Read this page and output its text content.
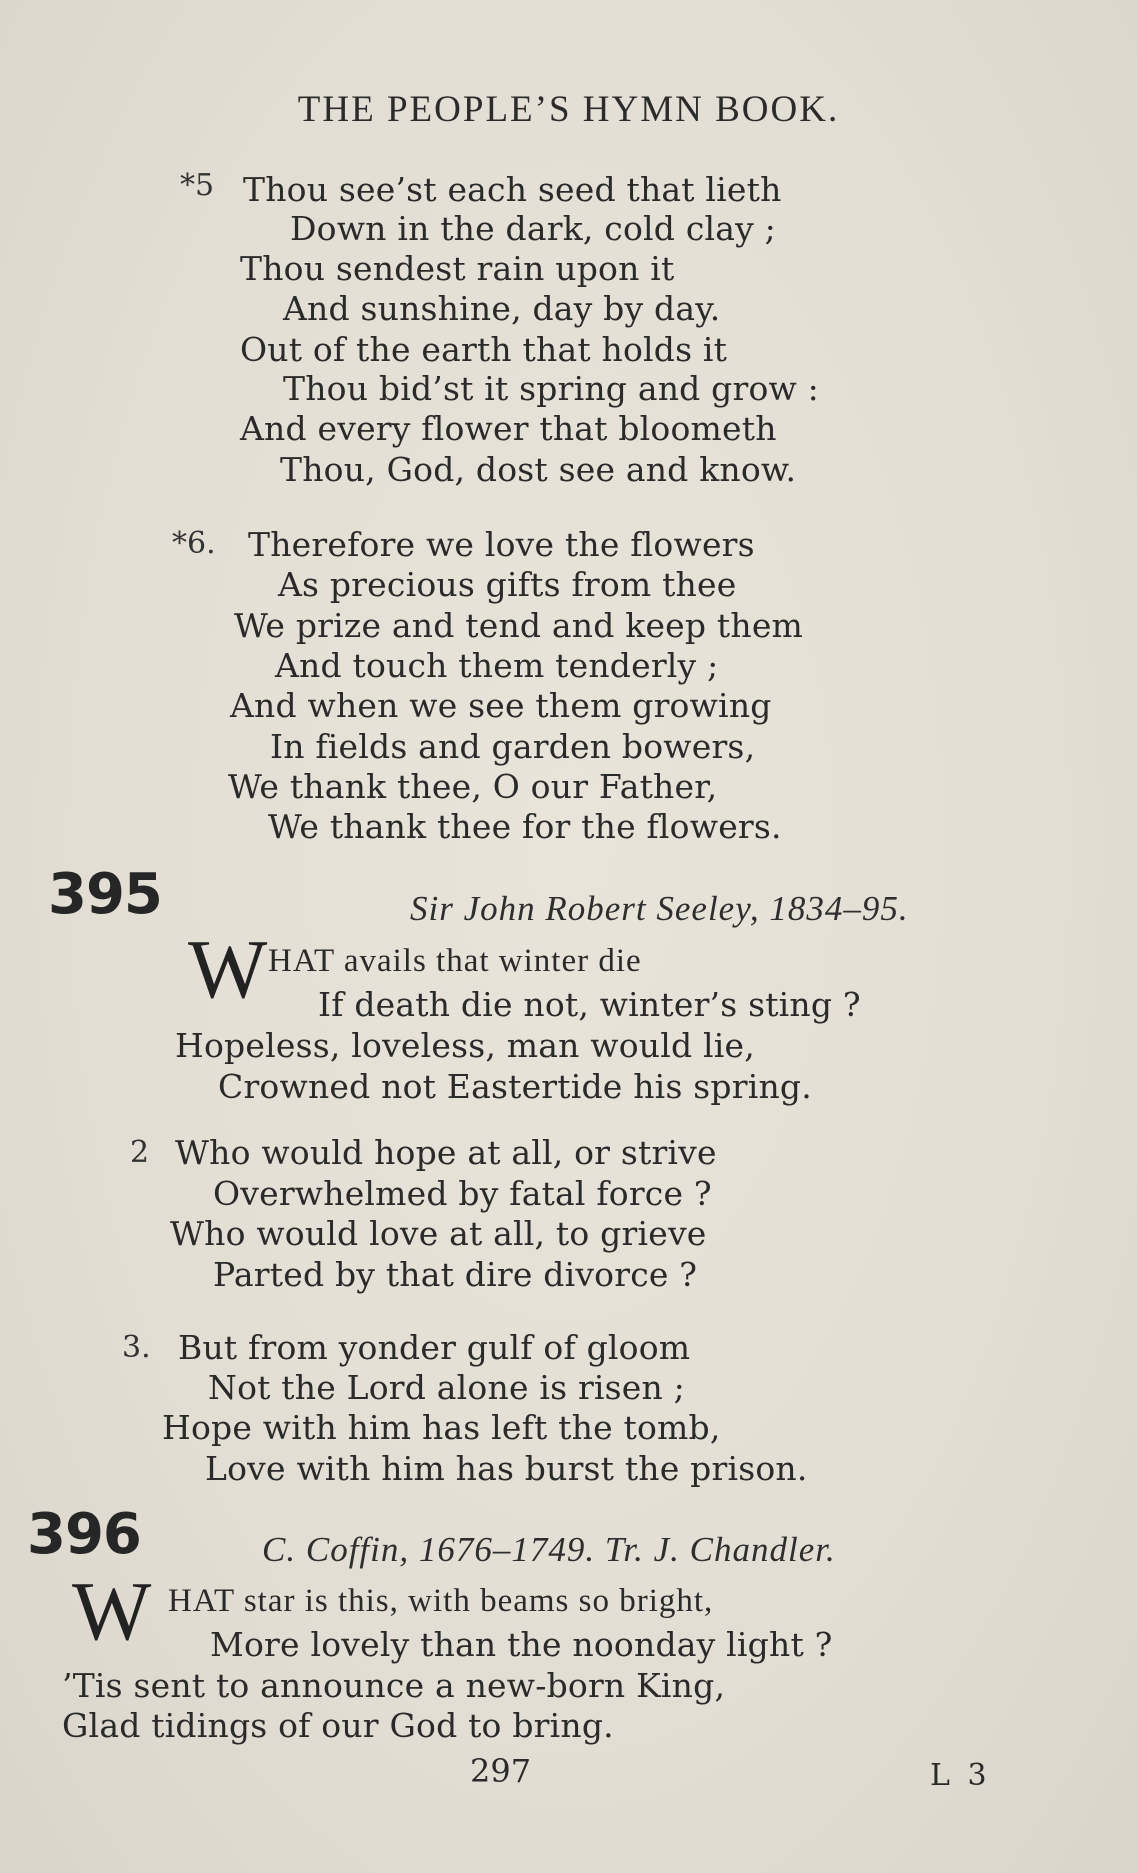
THE PEOPLE’S HYMN BOOK.
*5 Thou see’st each seed that lieth
Down in the dark, cold clay ;
Thou sendest rain upon it
And sunshine, day by day.
Out of the earth that holds it
Thou bid’st it spring and grow :
And every flower that bloometh
Thou, God, dost see and know.
*6. Therefore we love the flowers
As precious gifts from thee
We prize and tend and keep them
And touch them tenderly ;
And when we see them growing
In fields and garden bowers,
We thank thee, O our Father,
We thank thee for the flowers.
395	Sir John Robert Seeley, 1834–95.
W HAT avails that winter die
If death die not, winter’s sting ?
Hopeless, loveless, man would lie,
Crowned not Eastertide his spring.
2 Who would hope at all, or strive
Overwhelmed by fatal force ?
Who would love at all, to grieve
Parted by that dire divorce ?
3. But from yonder gulf of gloom
Not the Lord alone is risen ;
Hope with him has left the tomb,
Love with him has burst the prison.
396	C. Coffin, 1676–1749. Tr. J. Chandler.
W HAT star is this, with beams so bright,
More lovely than the noonday light ?
’Tis sent to announce a new-born King,
Glad tidings of our God to bring.
297	L 3
